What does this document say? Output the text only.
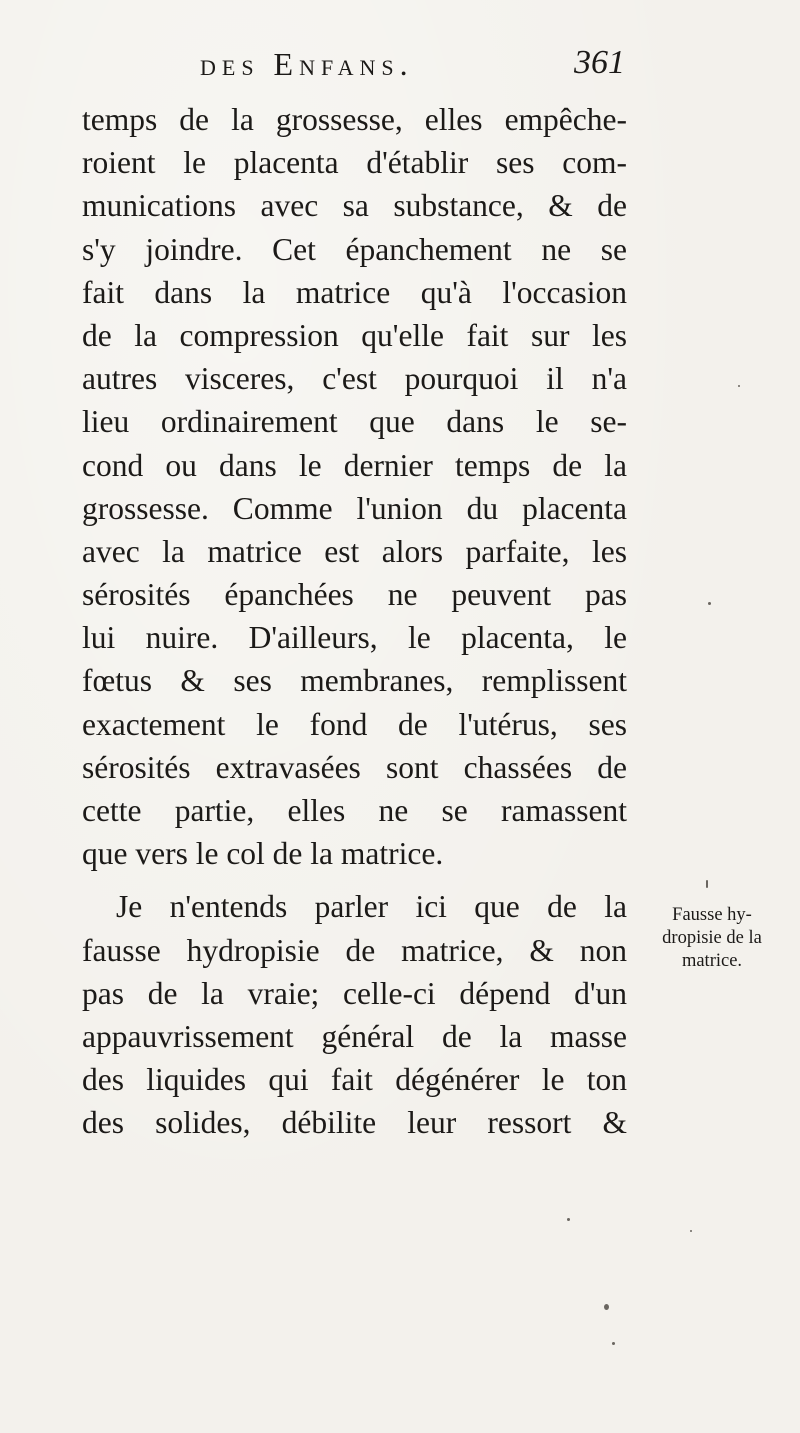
des Enfans.	361
temps de la grossesse, elles empêche-
roient le placenta d'établir ses com-
munications avec sa substance, & de
s'y joindre. Cet épanchement ne se
fait dans la matrice qu'à l'occasion
de la compression qu'elle fait sur les
autres visceres, c'est pourquoi il n'a
lieu ordinairement que dans le se-
cond ou dans le dernier temps de la
grossesse. Comme l'union du placenta
avec la matrice est alors parfaite, les
sérosités épanchées ne peuvent pas
lui nuire. D'ailleurs, le placenta, le
fœtus & ses membranes, remplissent
exactement le fond de l'utérus, ses
sérosités extravasées sont chassées de
cette partie, elles ne se ramassent
que vers le col de la matrice.
Je n'entends parler ici que de la
fausse hydropisie de matrice, & non
pas de la vraie; celle-ci dépend d'un
appauvrissement général de la masse
des liquides qui fait dégénérer le ton
des solides, débilite leur ressort &
Fausse hy-
dropisie de la
matrice.
